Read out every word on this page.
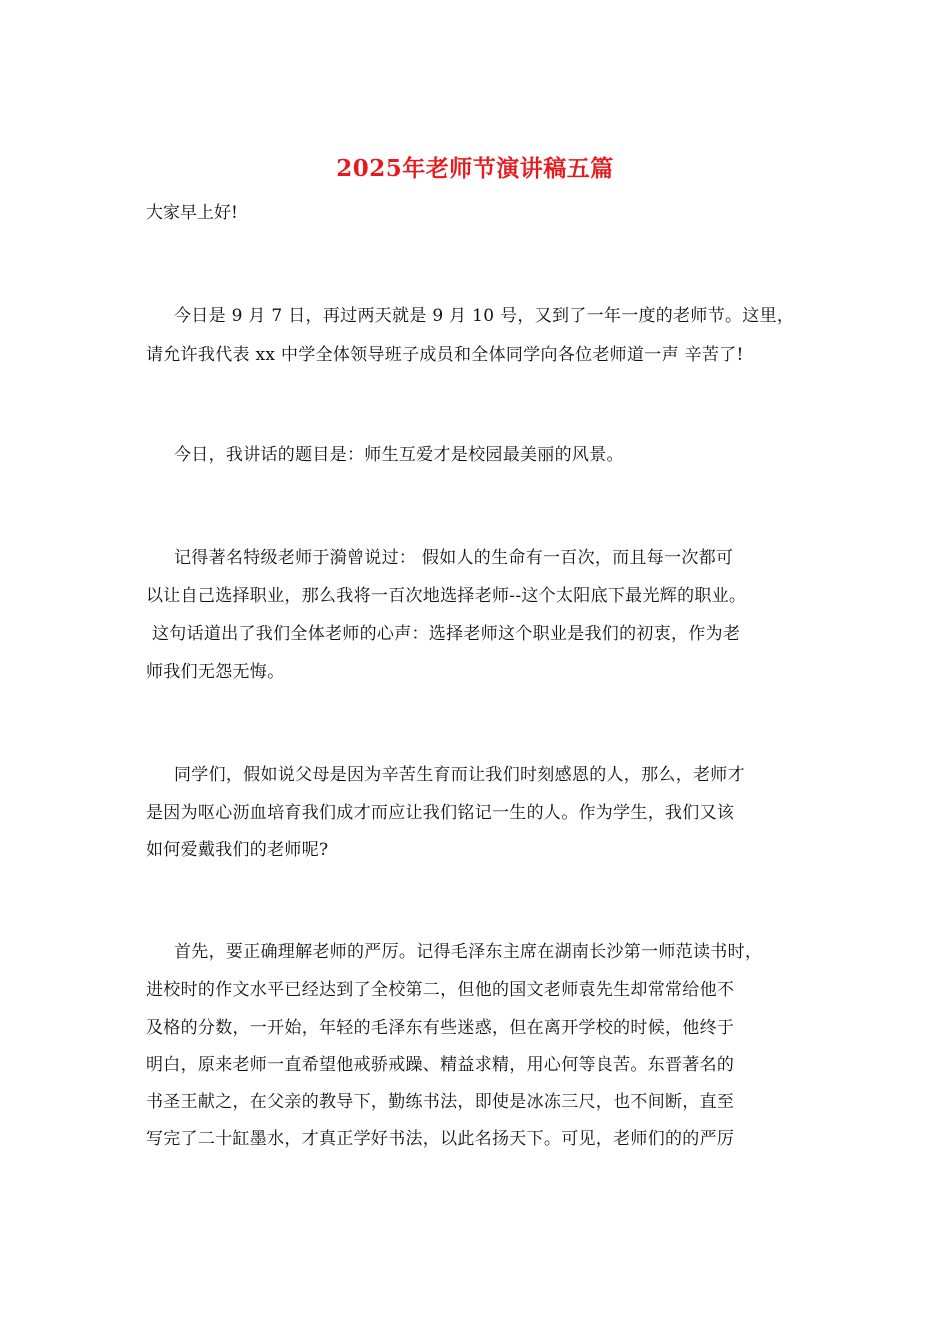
2025年老师节演讲稿五篇
大家早上好!
今日是 9 月 7 日，再过两天就是 9 月 10 号，又到了一年一度的老师节。这里，
请允许我代表 xx 中学全体领导班子成员和全体同学向各位老师道一声 辛苦了!
今日，我讲话的题目是：师生互爱才是校园最美丽的风景。
记得著名特级老师于漪曾说过： 假如人的生命有一百次，而且每一次都可
以让自己选择职业，那么我将一百次地选择老师--这个太阳底下最光辉的职业。
这句话道出了我们全体老师的心声：选择老师这个职业是我们的初衷，作为老
师我们无怨无悔。
同学们，假如说父母是因为辛苦生育而让我们时刻感恩的人，那么，老师才
是因为呕心沥血培育我们成才而应让我们铭记一生的人。作为学生，我们又该
如何爱戴我们的老师呢?
首先，要正确理解老师的严厉。记得毛泽东主席在湖南长沙第一师范读书时，
进校时的作文水平已经达到了全校第二，但他的国文老师袁先生却常常给他不
及格的分数，一开始，年轻的毛泽东有些迷惑，但在离开学校的时候，他终于
明白，原来老师一直希望他戒骄戒躁、精益求精，用心何等良苦。东晋著名的
书圣王献之，在父亲的教导下，勤练书法，即使是冰冻三尺，也不间断，直至
写完了二十缸墨水，才真正学好书法，以此名扬天下。可见，老师们的的严厉
